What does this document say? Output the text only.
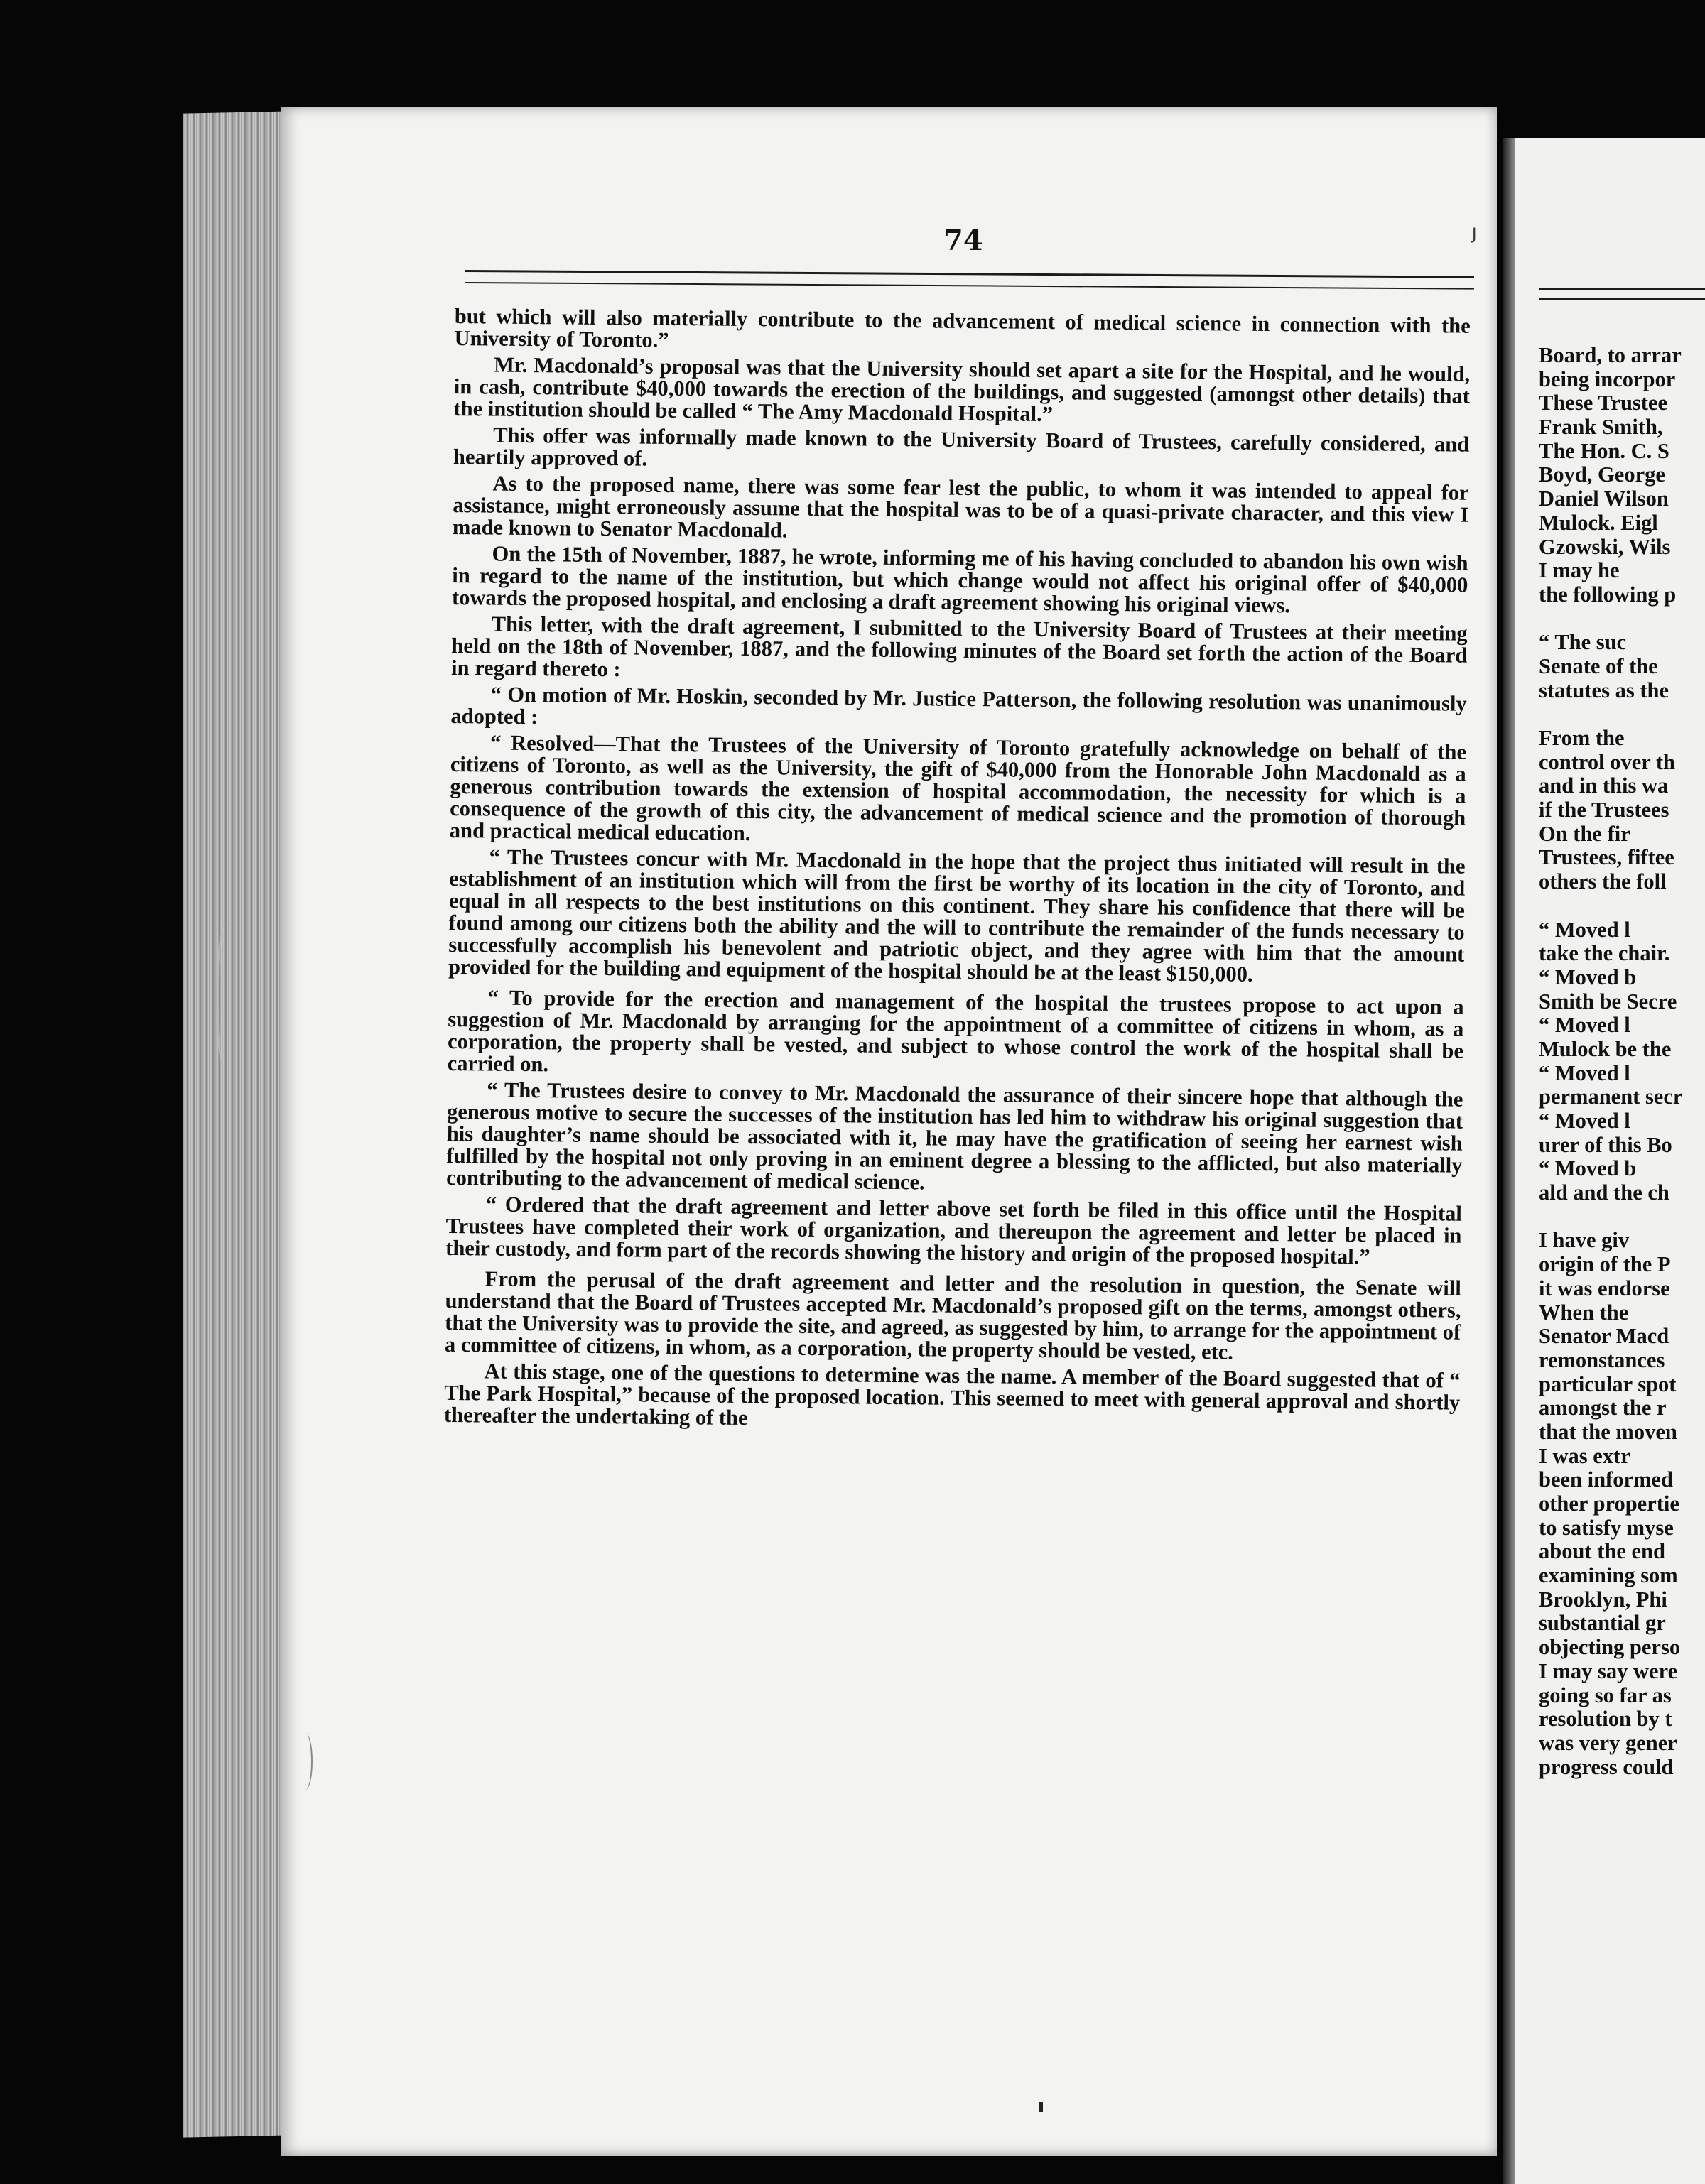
74	J

but which will also materially contribute to the advancement of medical science in connection with the University of Toronto.”

Mr. Macdonald’s proposal was that the University should set apart a site for the Hospital, and he would, in cash, contribute $40,000 towards the erection of the buildings, and suggested (amongst other details) that the institution should be called “ The Amy Macdonald Hospital.”

This offer was informally made known to the University Board of Trustees, carefully considered, and heartily approved of.

As to the proposed name, there was some fear lest the public, to whom it was intended to appeal for assistance, might erroneously assume that the hospital was to be of a quasi-private character, and this view I made known to Senator Macdonald.

On the 15th of November, 1887, he wrote, informing me of his having concluded to abandon his own wish in regard to the name of the institution, but which change would not affect his original offer of $40,000 towards the proposed hospital, and enclosing a draft agreement showing his original views.

This letter, with the draft agreement, I submitted to the University Board of Trustees at their meeting held on the 18th of November, 1887, and the following minutes of the Board set forth the action of the Board in regard thereto :

“ On motion of Mr. Hoskin, seconded by Mr. Justice Patterson, the following resolution was unanimously adopted :

“ Resolved—That the Trustees of the University of Toronto gratefully acknowledge on behalf of the citizens of Toronto, as well as the University, the gift of $40,000 from the Honorable John Macdonald as a generous contribution towards the extension of hospital accommodation, the necessity for which is a consequence of the growth of this city, the advancement of medical science and the promotion of thorough and practical medical education.

“ The Trustees concur with Mr. Macdonald in the hope that the project thus initiated will result in the establishment of an institution which will from the first be worthy of its location in the city of Toronto, and equal in all respects to the best institutions on this continent. They share his confidence that there will be found among our citizens both the ability and the will to contribute the remainder of the funds necessary to successfully accomplish his benevolent and patriotic object, and they agree with him that the amount provided for the building and equipment of the hospital should be at the least $150,000.

“ To provide for the erection and management of the hospital the trustees propose to act upon a suggestion of Mr. Macdonald by arranging for the appointment of a committee of citizens in whom, as a corporation, the property shall be vested, and subject to whose control the work of the hospital shall be carried on.

“ The Trustees desire to convey to Mr. Macdonald the assurance of their sincere hope that although the generous motive to secure the successes of the institution has led him to withdraw his original suggestion that his daughter’s name should be associated with it, he may have the gratification of seeing her earnest wish fulfilled by the hospital not only proving in an eminent degree a blessing to the afflicted, but also materially contributing to the advancement of medical science.

“ Ordered that the draft agreement and letter above set forth be filed in this office until the Hospital Trustees have completed their work of organization, and thereupon the agreement and letter be placed in their custody, and form part of the records showing the history and origin of the proposed hospital.”

From the perusal of the draft agreement and letter and the resolution in question, the Senate will understand that the Board of Trustees accepted Mr. Macdonald’s proposed gift on the terms, amongst others, that the University was to provide the site, and agreed, as suggested by him, to arrange for the appointment of a committee of citizens, in whom, as a corporation, the property should be vested, etc.

At this stage, one of the questions to determine was the name. A member of the Board suggested that of “ The Park Hospital,” because of the proposed location. This seemed to meet with general approval and shortly thereafter the undertaking of the

Board, to arrar
being incorpor
These Trustee
Frank Smith,
The Hon. C. S
Boyd, George
Daniel Wilson
Mulock. Eigl
Gzowski, Wils
I may he
the following p
“ The suc
Senate of the
statutes as the
From the
control over th
and in this wa
if the Trustees
On the fir
Trustees, fiftee
others the foll
“ Moved l
take the chair.
“ Moved b
Smith be Secre
“ Moved l
Mulock be the
“ Moved l
permanent secr
“ Moved l
urer of this Bo
“ Moved b
ald and the ch
I have giv
origin of the P
it was endorse
When the
Senator Macd
remonstances
particular spot
amongst the r
that the moven
I was extr
been informed
other propertie
to satisfy myse
about the end
examining som
Brooklyn, Phi
substantial gr
objecting perso
I may say were
going so far as
resolution by t
was very gener
progress could
